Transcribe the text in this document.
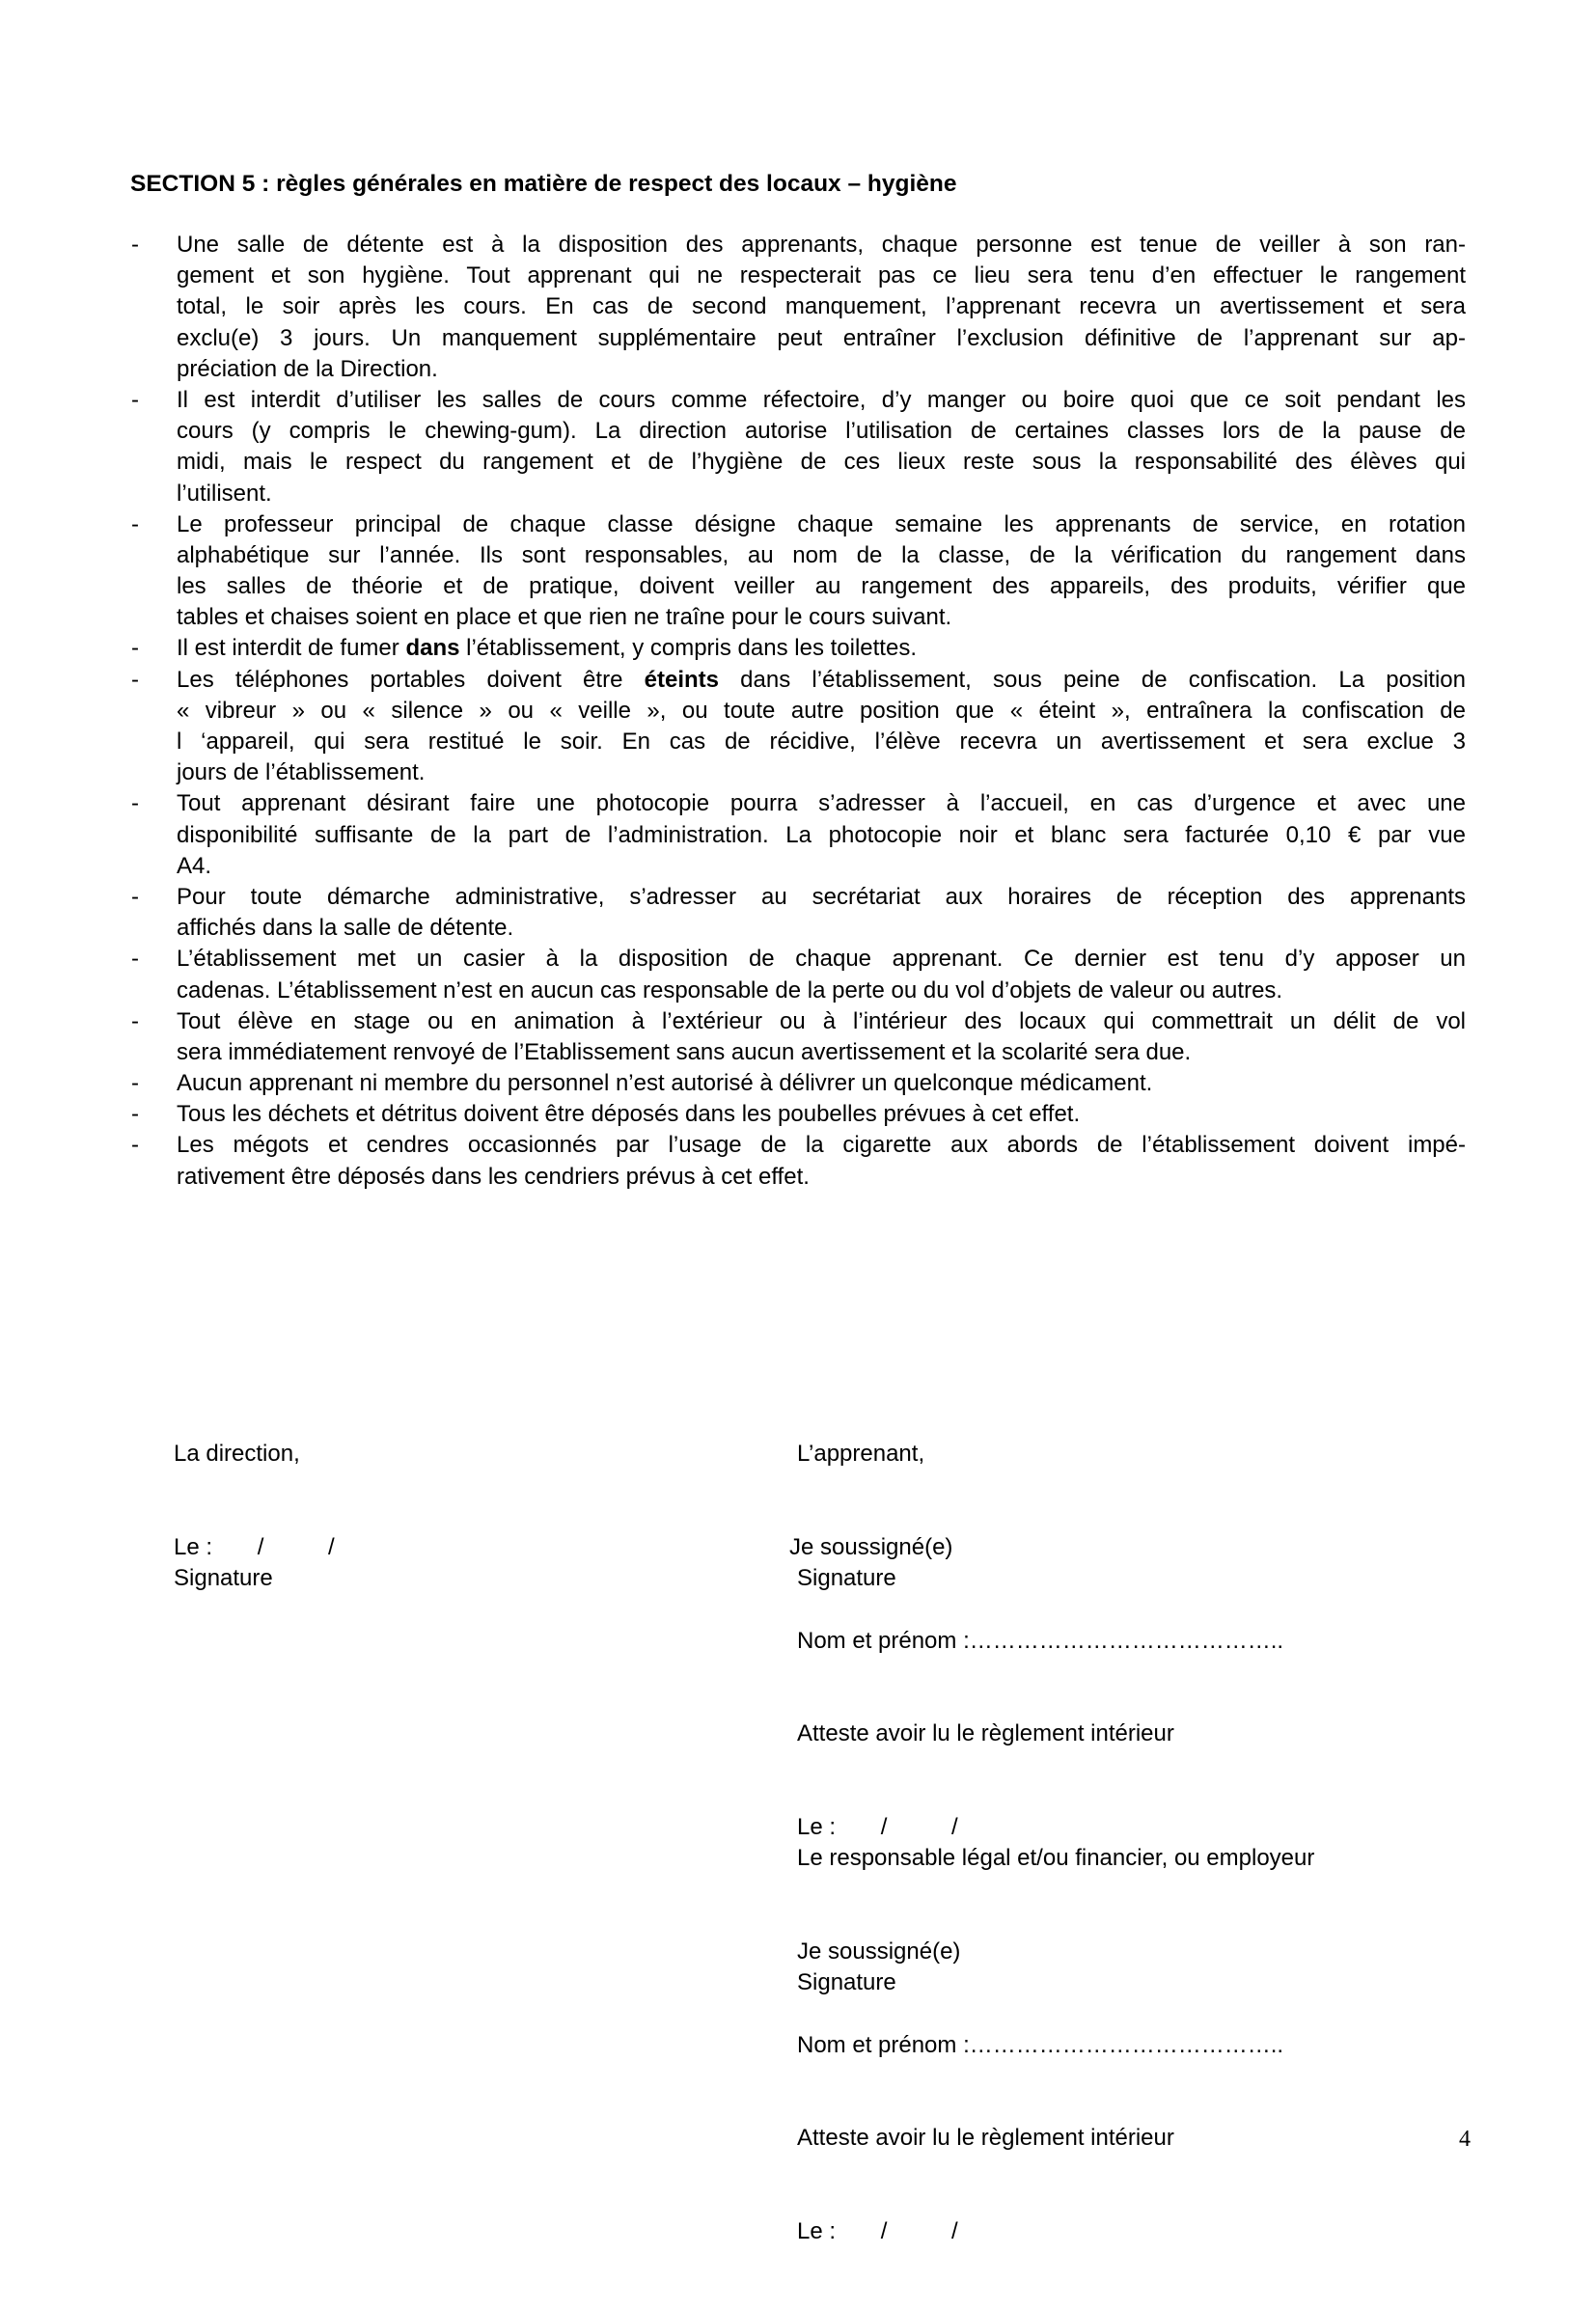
SECTION 5 : règles générales en matière de respect des locaux – hygiène
- Une salle de détente est à la disposition des apprenants, chaque personne est tenue de veiller à son ran-
gement et son hygiène. Tout apprenant qui ne respecterait pas ce lieu sera tenu d’en effectuer le rangement
total, le soir après les cours. En cas de second manquement, l’apprenant recevra un avertissement et sera
exclu(e) 3 jours. Un manquement supplémentaire peut entraîner l’exclusion définitive de l’apprenant sur ap-
préciation de la Direction.
- Il est interdit d’utiliser les salles de cours comme réfectoire, d’y manger ou boire quoi que ce soit pendant les
cours (y compris le chewing-gum). La direction autorise l’utilisation de certaines classes lors de la pause de
midi, mais le respect du rangement et de l’hygiène de ces lieux reste sous la responsabilité des élèves qui
l’utilisent.
- Le professeur principal de chaque classe désigne chaque semaine les apprenants de service, en rotation
alphabétique sur l’année. Ils sont responsables, au nom de la classe, de la vérification du rangement dans
les salles de théorie et de pratique, doivent veiller au rangement des appareils, des produits, vérifier que
tables et chaises soient en place et que rien ne traîne pour le cours suivant.
- Il est interdit de fumer dans l’établissement, y compris dans les toilettes.
- Les téléphones portables doivent être éteints dans l’établissement, sous peine de confiscation. La position
« vibreur » ou « silence » ou « veille », ou toute autre position que « éteint », entraînera la confiscation de
l ‘appareil, qui sera restitué le soir. En cas de récidive, l’élève recevra un avertissement et sera exclue 3
jours de l’établissement.
- Tout apprenant désirant faire une photocopie pourra s’adresser à l’accueil, en cas d’urgence et avec une
disponibilité suffisante de la part de l’administration. La photocopie noir et blanc sera facturée 0,10 € par vue
A4.
- Pour toute démarche administrative, s’adresser au secrétariat aux horaires de réception des apprenants
affichés dans la salle de détente.
- L’établissement met un casier à la disposition de chaque apprenant. Ce dernier est tenu d’y apposer un
cadenas. L’établissement n’est en aucun cas responsable de la perte ou du vol d’objets de valeur ou autres.
- Tout élève en stage ou en animation à l’extérieur ou à l’intérieur des locaux qui commettrait un délit de vol
sera immédiatement renvoyé de l’Etablissement sans aucun avertissement et la scolarité sera due.
- Aucun apprenant ni membre du personnel n’est autorisé à délivrer un quelconque médicament.
- Tous les déchets et détritus doivent être déposés dans les poubelles prévues à cet effet.
- Les mégots et cendres occasionnés par l’usage de la cigarette aux abords de l’établissement doivent impé-
rativement être déposés dans les cendriers prévus à cet effet.

La direction,

Le :       /          /

Signature

L’apprenant,

Je soussigné(e)

Nom et prénom :…………………………………..

Atteste avoir lu le règlement intérieur

Le :       /          /

Signature

Le responsable légal et/ou financier, ou employeur

Je soussigné(e)

Nom et prénom :…………………………………..

Atteste avoir lu le règlement intérieur

Le :       /          /

Signature
4
